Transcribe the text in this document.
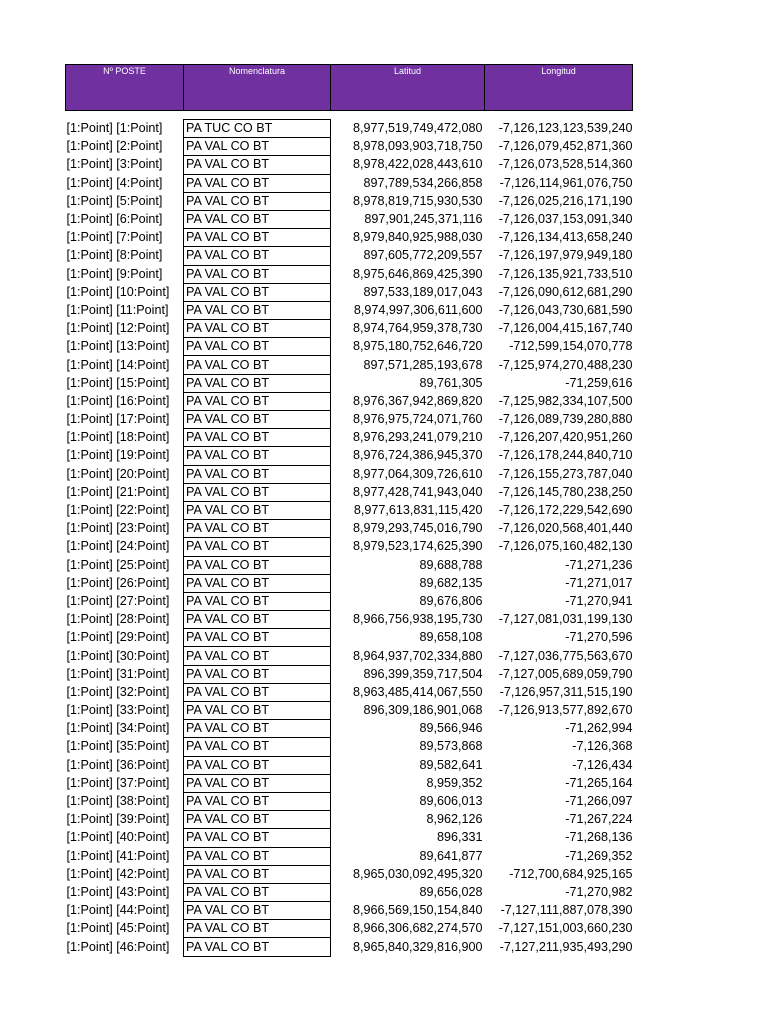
Nº POSTE	Nomenclatura	Latitud	Longitud

[1:Point] [1:Point]	PA TUC CO BT	8,977,519,749,472,080	-7,126,123,123,539,240
[1:Point] [2:Point]	PA VAL CO BT	8,978,093,903,718,750	-7,126,079,452,871,360
[1:Point] [3:Point]	PA VAL CO BT	8,978,422,028,443,610	-7,126,073,528,514,360
[1:Point] [4:Point]	PA VAL CO BT	897,789,534,266,858	-7,126,114,961,076,750
[1:Point] [5:Point]	PA VAL CO BT	8,978,819,715,930,530	-7,126,025,216,171,190
[1:Point] [6:Point]	PA VAL CO BT	897,901,245,371,116	-7,126,037,153,091,340
[1:Point] [7:Point]	PA VAL CO BT	8,979,840,925,988,030	-7,126,134,413,658,240
[1:Point] [8:Point]	PA VAL CO BT	897,605,772,209,557	-7,126,197,979,949,180
[1:Point] [9:Point]	PA VAL CO BT	8,975,646,869,425,390	-7,126,135,921,733,510
[1:Point] [10:Point]	PA VAL CO BT	897,533,189,017,043	-7,126,090,612,681,290
[1:Point] [11:Point]	PA VAL CO BT	8,974,997,306,611,600	-7,126,043,730,681,590
[1:Point] [12:Point]	PA VAL CO BT	8,974,764,959,378,730	-7,126,004,415,167,740
[1:Point] [13:Point]	PA VAL CO BT	8,975,180,752,646,720	-712,599,154,070,778
[1:Point] [14:Point]	PA VAL CO BT	897,571,285,193,678	-7,125,974,270,488,230
[1:Point] [15:Point]	PA VAL CO BT	89,761,305	-71,259,616
[1:Point] [16:Point]	PA VAL CO BT	8,976,367,942,869,820	-7,125,982,334,107,500
[1:Point] [17:Point]	PA VAL CO BT	8,976,975,724,071,760	-7,126,089,739,280,880
[1:Point] [18:Point]	PA VAL CO BT	8,976,293,241,079,210	-7,126,207,420,951,260
[1:Point] [19:Point]	PA VAL CO BT	8,976,724,386,945,370	-7,126,178,244,840,710
[1:Point] [20:Point]	PA VAL CO BT	8,977,064,309,726,610	-7,126,155,273,787,040
[1:Point] [21:Point]	PA VAL CO BT	8,977,428,741,943,040	-7,126,145,780,238,250
[1:Point] [22:Point]	PA VAL CO BT	8,977,613,831,115,420	-7,126,172,229,542,690
[1:Point] [23:Point]	PA VAL CO BT	8,979,293,745,016,790	-7,126,020,568,401,440
[1:Point] [24:Point]	PA VAL CO BT	8,979,523,174,625,390	-7,126,075,160,482,130
[1:Point] [25:Point]	PA VAL CO BT	89,688,788	-71,271,236
[1:Point] [26:Point]	PA VAL CO BT	89,682,135	-71,271,017
[1:Point] [27:Point]	PA VAL CO BT	89,676,806	-71,270,941
[1:Point] [28:Point]	PA VAL CO BT	8,966,756,938,195,730	-7,127,081,031,199,130
[1:Point] [29:Point]	PA VAL CO BT	89,658,108	-71,270,596
[1:Point] [30:Point]	PA VAL CO BT	8,964,937,702,334,880	-7,127,036,775,563,670
[1:Point] [31:Point]	PA VAL CO BT	896,399,359,717,504	-7,127,005,689,059,790
[1:Point] [32:Point]	PA VAL CO BT	8,963,485,414,067,550	-7,126,957,311,515,190
[1:Point] [33:Point]	PA VAL CO BT	896,309,186,901,068	-7,126,913,577,892,670
[1:Point] [34:Point]	PA VAL CO BT	89,566,946	-71,262,994
[1:Point] [35:Point]	PA VAL CO BT	89,573,868	-7,126,368
[1:Point] [36:Point]	PA VAL CO BT	89,582,641	-7,126,434
[1:Point] [37:Point]	PA VAL CO BT	8,959,352	-71,265,164
[1:Point] [38:Point]	PA VAL CO BT	89,606,013	-71,266,097
[1:Point] [39:Point]	PA VAL CO BT	8,962,126	-71,267,224
[1:Point] [40:Point]	PA VAL CO BT	896,331	-71,268,136
[1:Point] [41:Point]	PA VAL CO BT	89,641,877	-71,269,352
[1:Point] [42:Point]	PA VAL CO BT	8,965,030,092,495,320	-712,700,684,925,165
[1:Point] [43:Point]	PA VAL CO BT	89,656,028	-71,270,982
[1:Point] [44:Point]	PA VAL CO BT	8,966,569,150,154,840	-7,127,111,887,078,390
[1:Point] [45:Point]	PA VAL CO BT	8,966,306,682,274,570	-7,127,151,003,660,230
[1:Point] [46:Point]	PA VAL CO BT	8,965,840,329,816,900	-7,127,211,935,493,290
